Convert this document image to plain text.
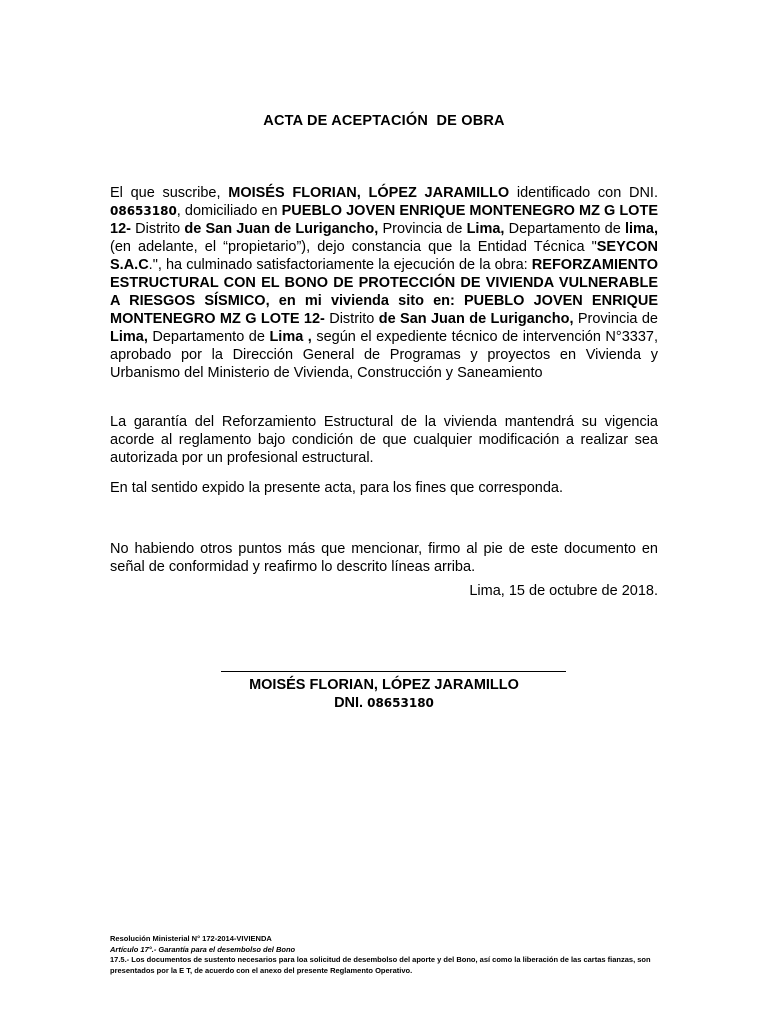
ACTA DE ACEPTACIÓN  DE OBRA

El que suscribe, MOISÉS FLORIAN, LÓPEZ JARAMILLO identificado con DNI. 08653180, domiciliado en PUEBLO JOVEN ENRIQUE MONTENEGRO MZ G LOTE 12- Distrito de San Juan de Lurigancho, Provincia de Lima, Departamento de lima, (en adelante, el “propietario”), dejo constancia que la Entidad Técnica "SEYCON S.A.C.", ha culminado satisfactoriamente la ejecución de la obra: REFORZAMIENTO ESTRUCTURAL CON EL BONO DE PROTECCIÓN DE VIVIENDA VULNERABLE A RIESGOS SÍSMICO, en mi vivienda sito en: PUEBLO JOVEN ENRIQUE MONTENEGRO MZ G LOTE 12- Distrito de San Juan de Lurigancho, Provincia de Lima, Departamento de Lima , según el expediente técnico de intervención N°3337, aprobado por la Dirección General de Programas y proyectos en Vivienda y Urbanismo del Ministerio de Vivienda, Construcción y Saneamiento

La garantía del Reforzamiento Estructural de la vivienda mantendrá su vigencia acorde al reglamento bajo condición de que cualquier modificación a realizar sea autorizada por un profesional estructural.

En tal sentido expido la presente acta, para los fines que corresponda.

No habiendo otros puntos más que mencionar, firmo al pie de este documento en señal de conformidad y reafirmo lo descrito líneas arriba.

Lima, 15 de octubre de 2018.
MOISÉS FLORIAN, LÓPEZ JARAMILLO
DNI. 08653180
Resolución Ministerial N° 172-2014-VIVIENDA
Artículo 17°.- Garantía para el desembolso del Bono
17.5.- Los documentos de sustento necesarios para loa solicitud de desembolso del aporte y del Bono, así como la liberación de las cartas fianzas, son presentados por la E T, de acuerdo con el anexo del presente Reglamento Operativo.
